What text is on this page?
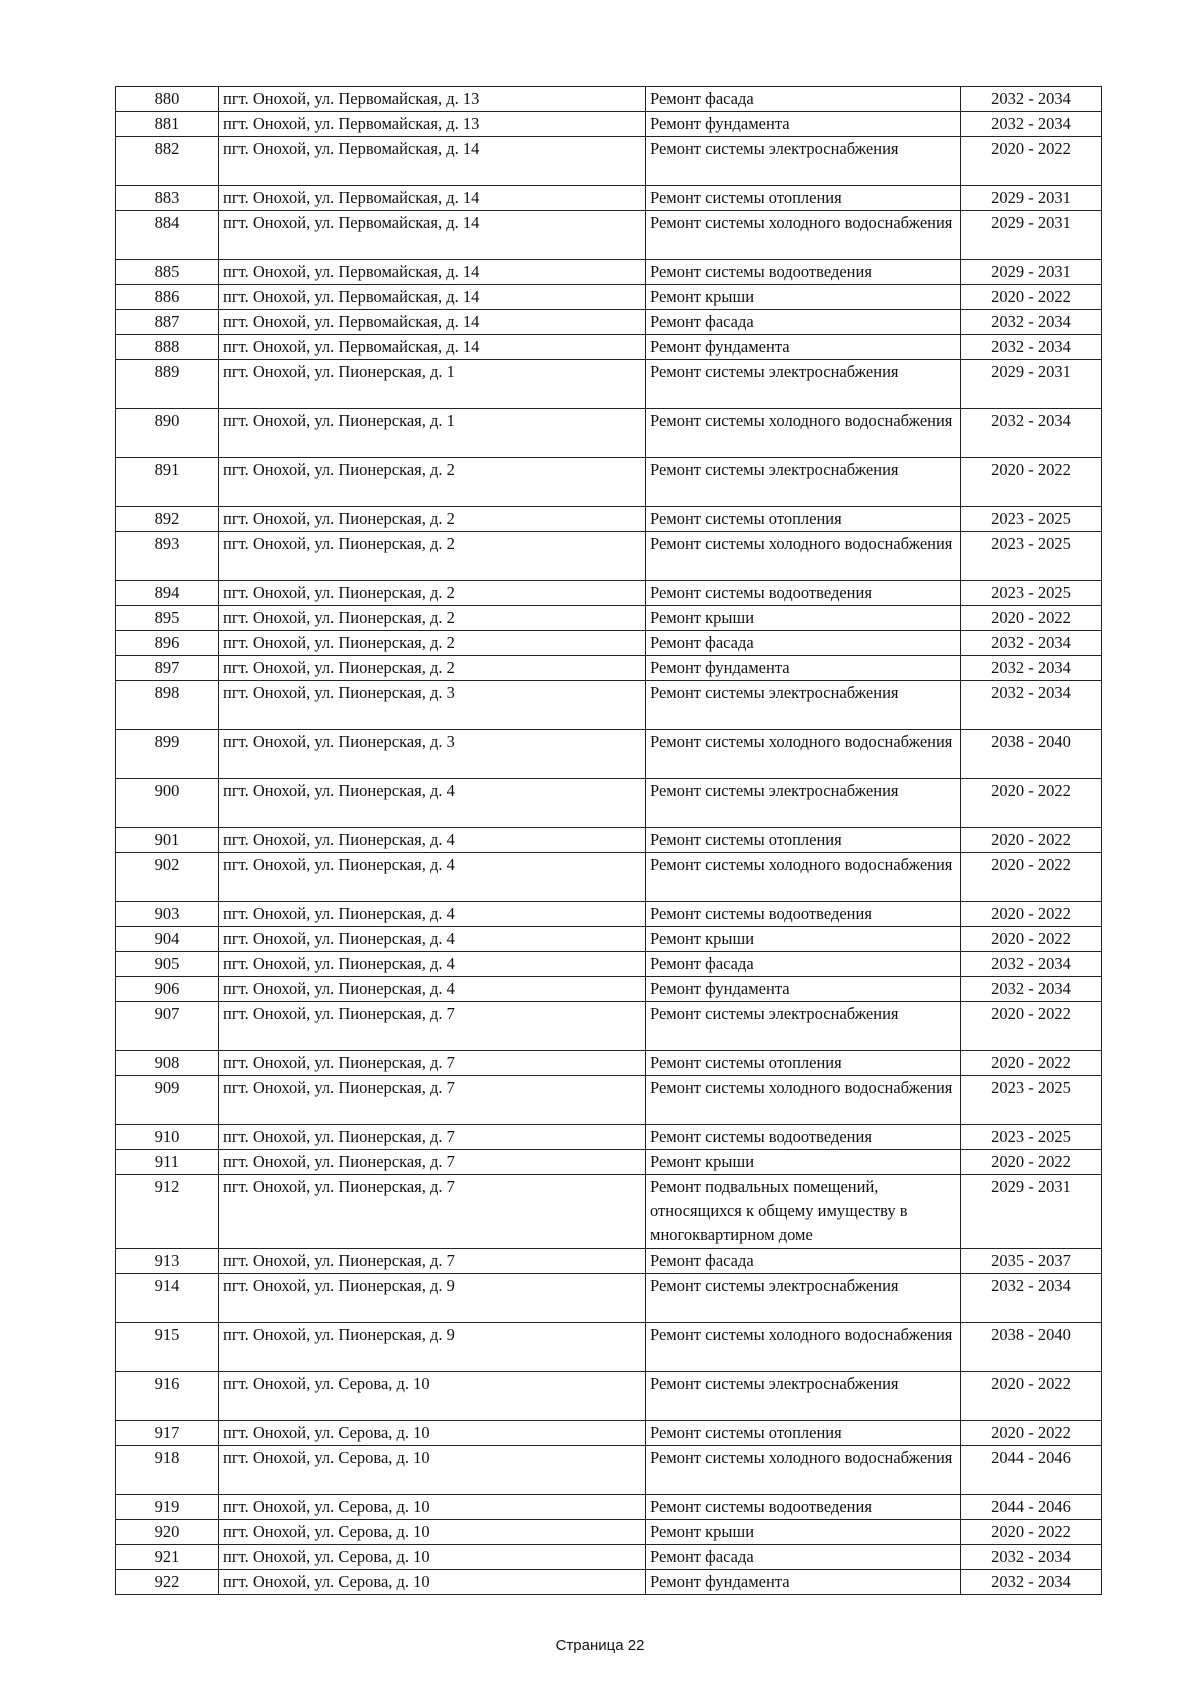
880	пгт. Онохой, ул. Первомайская, д. 13	Ремонт фасада	2032 - 2034
881	пгт. Онохой, ул. Первомайская, д. 13	Ремонт фундамента	2032 - 2034
882	пгт. Онохой, ул. Первомайская, д. 14	Ремонт системы электроснабжения	2020 - 2022
883	пгт. Онохой, ул. Первомайская, д. 14	Ремонт системы отопления	2029 - 2031
884	пгт. Онохой, ул. Первомайская, д. 14	Ремонт системы холодного водоснабжения	2029 - 2031
885	пгт. Онохой, ул. Первомайская, д. 14	Ремонт системы водоотведения	2029 - 2031
886	пгт. Онохой, ул. Первомайская, д. 14	Ремонт крыши	2020 - 2022
887	пгт. Онохой, ул. Первомайская, д. 14	Ремонт фасада	2032 - 2034
888	пгт. Онохой, ул. Первомайская, д. 14	Ремонт фундамента	2032 - 2034
889	пгт. Онохой, ул. Пионерская, д. 1	Ремонт системы электроснабжения	2029 - 2031
890	пгт. Онохой, ул. Пионерская, д. 1	Ремонт системы холодного водоснабжения	2032 - 2034
891	пгт. Онохой, ул. Пионерская, д. 2	Ремонт системы электроснабжения	2020 - 2022
892	пгт. Онохой, ул. Пионерская, д. 2	Ремонт системы отопления	2023 - 2025
893	пгт. Онохой, ул. Пионерская, д. 2	Ремонт системы холодного водоснабжения	2023 - 2025
894	пгт. Онохой, ул. Пионерская, д. 2	Ремонт системы водоотведения	2023 - 2025
895	пгт. Онохой, ул. Пионерская, д. 2	Ремонт крыши	2020 - 2022
896	пгт. Онохой, ул. Пионерская, д. 2	Ремонт фасада	2032 - 2034
897	пгт. Онохой, ул. Пионерская, д. 2	Ремонт фундамента	2032 - 2034
898	пгт. Онохой, ул. Пионерская, д. 3	Ремонт системы электроснабжения	2032 - 2034
899	пгт. Онохой, ул. Пионерская, д. 3	Ремонт системы холодного водоснабжения	2038 - 2040
900	пгт. Онохой, ул. Пионерская, д. 4	Ремонт системы электроснабжения	2020 - 2022
901	пгт. Онохой, ул. Пионерская, д. 4	Ремонт системы отопления	2020 - 2022
902	пгт. Онохой, ул. Пионерская, д. 4	Ремонт системы холодного водоснабжения	2020 - 2022
903	пгт. Онохой, ул. Пионерская, д. 4	Ремонт системы водоотведения	2020 - 2022
904	пгт. Онохой, ул. Пионерская, д. 4	Ремонт крыши	2020 - 2022
905	пгт. Онохой, ул. Пионерская, д. 4	Ремонт фасада	2032 - 2034
906	пгт. Онохой, ул. Пионерская, д. 4	Ремонт фундамента	2032 - 2034
907	пгт. Онохой, ул. Пионерская, д. 7	Ремонт системы электроснабжения	2020 - 2022
908	пгт. Онохой, ул. Пионерская, д. 7	Ремонт системы отопления	2020 - 2022
909	пгт. Онохой, ул. Пионерская, д. 7	Ремонт системы холодного водоснабжения	2023 - 2025
910	пгт. Онохой, ул. Пионерская, д. 7	Ремонт системы водоотведения	2023 - 2025
911	пгт. Онохой, ул. Пионерская, д. 7	Ремонт крыши	2020 - 2022
912	пгт. Онохой, ул. Пионерская, д. 7	Ремонт подвальных помещений, относящихся к общему имуществу в многоквартирном доме	2029 - 2031
913	пгт. Онохой, ул. Пионерская, д. 7	Ремонт фасада	2035 - 2037
914	пгт. Онохой, ул. Пионерская, д. 9	Ремонт системы электроснабжения	2032 - 2034
915	пгт. Онохой, ул. Пионерская, д. 9	Ремонт системы холодного водоснабжения	2038 - 2040
916	пгт. Онохой, ул. Серова, д. 10	Ремонт системы электроснабжения	2020 - 2022
917	пгт. Онохой, ул. Серова, д. 10	Ремонт системы отопления	2020 - 2022
918	пгт. Онохой, ул. Серова, д. 10	Ремонт системы холодного водоснабжения	2044 - 2046
919	пгт. Онохой, ул. Серова, д. 10	Ремонт системы водоотведения	2044 - 2046
920	пгт. Онохой, ул. Серова, д. 10	Ремонт крыши	2020 - 2022
921	пгт. Онохой, ул. Серова, д. 10	Ремонт фасада	2032 - 2034
922	пгт. Онохой, ул. Серова, д. 10	Ремонт фундамента	2032 - 2034
Страница 22
